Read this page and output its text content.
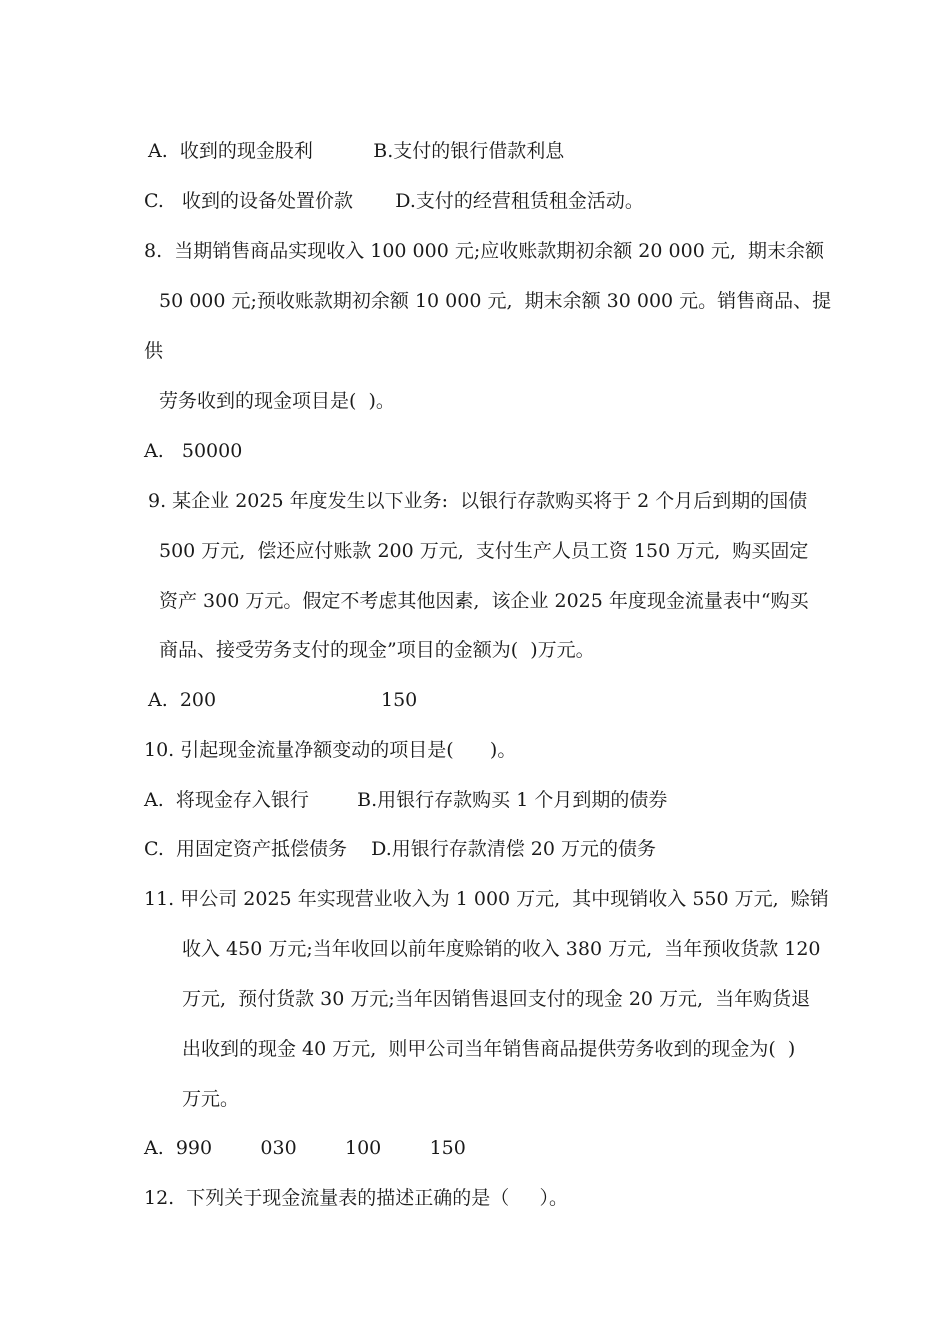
A.  收到的现金股利          B.支付的银行借款利息
C.   收到的设备处置价款       D.支付的经营租赁租金活动。
8.  当期销售商品实现收入 100 000 元;应收账款期初余额 20 000 元,  期末余额
50 000 元;预收账款期初余额 10 000 元,  期末余额 30 000 元。销售商品、提
供
劳务收到的现金项目是(  )。
A.   50000
9. 某企业 2025 年度发生以下业务:  以银行存款购买将于 2 个月后到期的国债
500 万元,  偿还应付账款 200 万元,  支付生产人员工资 150 万元,  购买固定
资产 300 万元。假定不考虑其他因素,  该企业 2025 年度现金流量表中“购买
商品、接受劳务支付的现金”项目的金额为(  )万元。
A.  200	150
10. 引起现金流量净额变动的项目是(      )。
A.  将现金存入银行        B.用银行存款购买 1 个月到期的债券
C.  用固定资产抵偿债务    D.用银行存款清偿 20 万元的债务
11. 甲公司 2025 年实现营业收入为 1 000 万元,  其中现销收入 550 万元,  赊销
收入 450 万元;当年收回以前年度赊销的收入 380 万元,  当年预收货款 120
万元,  预付货款 30 万元;当年因销售退回支付的现金 20 万元,  当年购货退
出收到的现金 40 万元,  则甲公司当年销售商品提供劳务收到的现金为(  )
万元。
A.  990        030        100        150
12.  下列关于现金流量表的描述正确的是（     ）。
